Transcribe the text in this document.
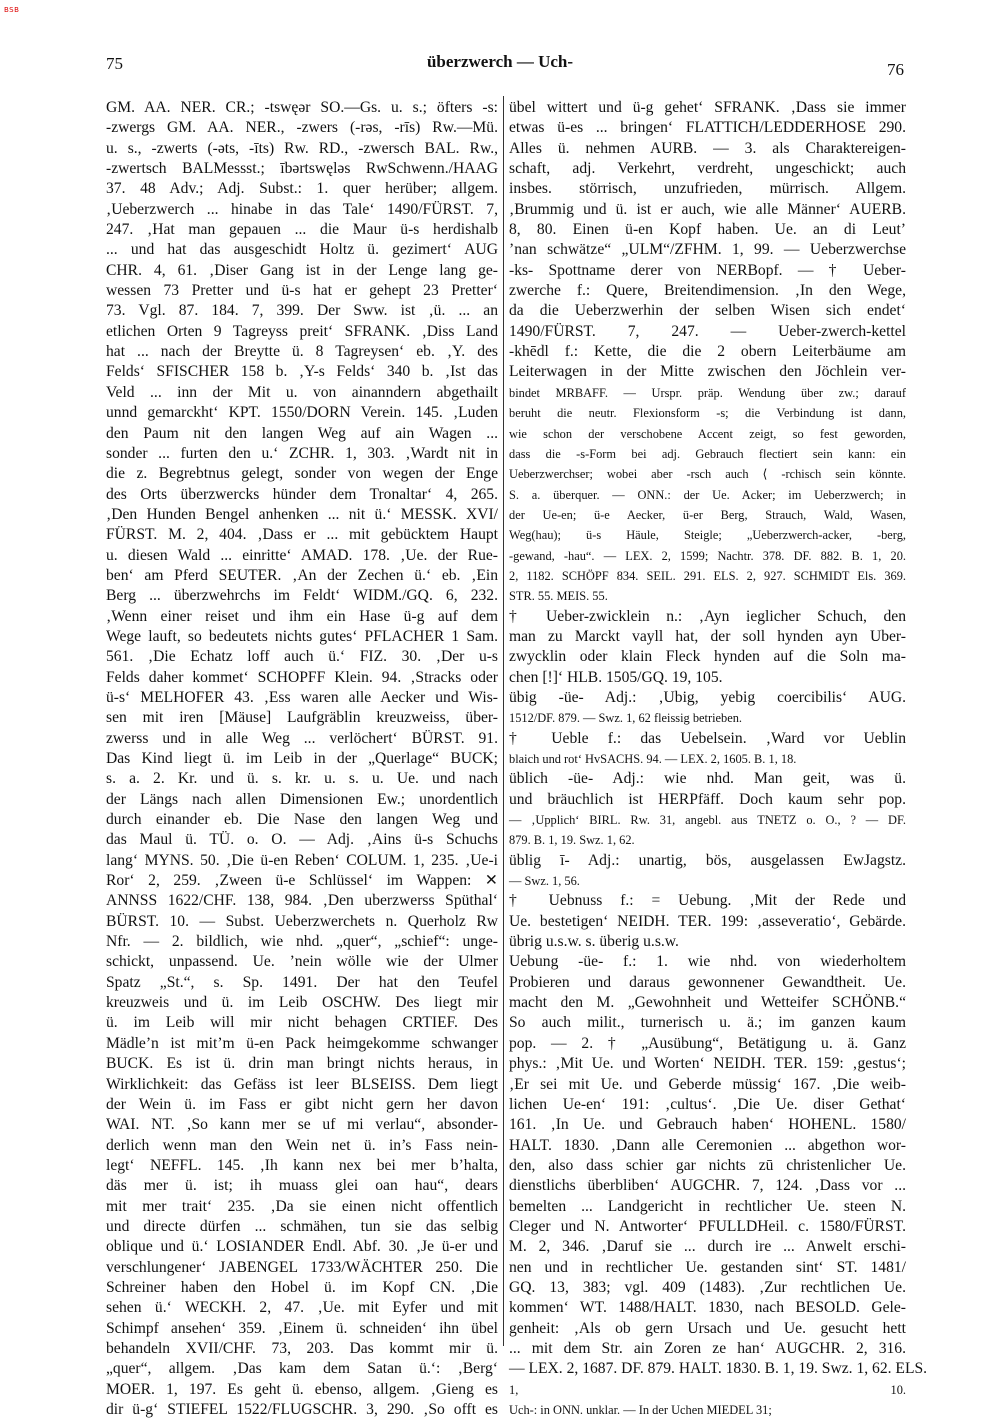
BSB
75	überzwerch — Uch-	76
GM. AA. NER. CR.; -tswęər SO.—Gs. u. s.; öfters -s:
-zwergs GM. AA. NER., -zwers (-rəs, -rīs) Rw.—Mü.
u. s., -zwerts (-əts, -īts) Rw. RD., -zwersch BAL. Rw.,
-zwertsch BALMessst.; ībərtswęləs RwSchwenn./HAAG
37. 48 Adv.; Adj. Subst.: 1. quer herüber; allgem.
‚Ueberzwerch ... hinabe in das Tale‘ 1490/FÜRST. 7,
247. ‚Hat man gepauen ... die Maur ü-s herdishalb
... und hat das ausgeschidt Holtz ü. gezimert‘ AUG
CHR. 4, 61. ‚Diser Gang ist in der Lenge lang ge-
wessen 73 Pretter und ü-s hat er gehept 23 Pretter‘
73. Vgl. 87. 184. 7, 399. Der Sww. ist ‚ü. ... an
etlichen Orten 9 Tagreyss preit‘ SFRANK. ‚Diss Land
hat ... nach der Breytte ü. 8 Tagreysen‘ eb. ‚Y. des
Felds‘ SFISCHER 158 b. ‚Y-s Felds‘ 340 b. ‚Ist das
Veld ... inn der Mit u. von ainanndern abgethailt
unnd gemarckht‘ KPT. 1550/DORN Verein. 145. ‚Luden
den Paum nit den langen Weg auf ain Wagen ...
sonder ... furten den u.‘ ZCHR. 1, 303. ‚Wardt nit in
die z. Begrebtnus gelegt, sonder von wegen der Enge
des Orts überzwercks hünder dem Tronaltar‘ 4, 265.
‚Den Hunden Bengel anhenken ... nit ü.‘ MESSK. XVI/
FÜRST. M. 2, 404. ‚Dass er ... mit gebücktem Haupt
u. diesen Wald ... einritte‘ AMAD. 178. ‚Ue. der Rue-
ben‘ am Pferd SEUTER. ‚An der Zechen ü.‘ eb. ‚Ein
Berg ... überzwehrchs im Feldt‘ WIDM./GQ. 6, 232.
‚Wenn einer reiset und ihm ein Hase ü-g auf dem
Wege lauft, so bedeutets nichts gutes‘ PFLACHER 1 Sam.
561. ‚Die Echatz loff auch ü.‘ FIZ. 30. ‚Der u-s
Felds daher kommet‘ SCHOPFF Klein. 94. ‚Stracks oder
ü-s‘ MELHOFER 43. ‚Ess waren alle Aecker und Wis-
sen mit iren [Mäuse] Laufgräblin kreuzweiss, über-
zwerss und in alle Weg ... verlöchert‘ BÜRST. 91.
Das Kind liegt ü. im Leib in der „Querlage“ BUCK;
s. a. 2. Kr. und ü. s. kr. u. s. u. Ue. und nach
der Längs nach allen Dimensionen Ew.; unordentlich
durch einander eb. Die Nase den langen Weg und
das Maul ü. TÜ. o. O. — Adj. ‚Ains ü-s Schuchs
lang‘ MYNS. 50. ‚Die ü-en Reben‘ COLUM. 1, 235. ‚Ue-i
Ror‘ 2, 259. ‚Zween ü-e Schlüssel‘ im Wappen: ✕
ANNSS 1622/CHF. 138, 984. ‚Den uberzwerss Spüthal‘
BÜRST. 10. — Subst. Ueberzwerchets n. Querholz Rw
Nfr. — 2. bildlich, wie nhd. „quer“, „schief“: unge-
schickt, unpassend. Ue. ’nein wölle wie der Ulmer
Spatz „St.“, s. Sp. 1491. Der hat den Teufel
kreuzweis und ü. im Leib OSCHW. Des liegt mir
ü. im Leib will mir nicht behagen CRTIEF. Des
Mädle’n ist mit’m ü-en Pack heimgekomme schwanger
BUCK. Es ist ü. drin man bringt nichts heraus, in
Wirklichkeit: das Gefäss ist leer BLSEISS. Dem liegt
der Wein ü. im Fass er gibt nicht gern her davon
WAI. NT. ‚So kann mer se uf mi verlau“, absonder-
derlich wenn man den Wein net ü. in’s Fass nein-
legt‘ NEFFL. 145. ‚Ih kann nex bei mer b’halta,
däs mer ü. ist; ih muass glei oan hau“, dears
mit mer trait‘ 235. ‚Da sie einen nicht offentlich
und directe dürfen ... schmähen, tun sie das selbig
oblique und ü.‘ LOSIANDER Endl. Abf. 30. ‚Je ü-er und
verschlungener‘ JABENGEL 1733/WÄCHTER 250. Die
Schreiner haben den Hobel ü. im Kopf CN. ‚Die
sehen ü.‘ WECKH. 2, 47. ‚Ue. mit Eyfer und mit
Schimpf ansehen‘ 359. ‚Einem ü. schneiden‘ ihn übel
behandeln XVII/CHF. 73, 203. Das kommt mir ü.
„quer“, allgem. ‚Das kam dem Satan ü.‘: ‚Berg‘
MOER. 1, 197. Es geht ü. ebenso, allgem. ‚Gieng es
dir ü-g‘ STIEFEL 1522/FLUGSCHR. 3, 290. ‚So offt es
übel wittert und ü-g gehet‘ SFRANK. ‚Dass sie immer
etwas ü-es ... bringen‘ FLATTICH/LEDDERHOSE 290.
Alles ü. nehmen AURB. — 3. als Charaktereigen-
schaft, adj. Verkehrt, verdreht, ungeschickt; auch
insbes. störrisch, unzufrieden, mürrisch. Allgem.
‚Brummig und ü. ist er auch, wie alle Männer‘ AUERB.
8, 80. Einen ü-en Kopf haben. Ue. an di Leut’
’nan schwätze“ „ULM“/ZFHM. 1, 99. — Ueberzwerchse
-ks- Spottname derer von NERBopf. — † Ueber-
zwerche f.: Quere, Breitendimension. ‚In den Wege,
da die Ueberzwerhin der selben Wisen sich endet‘
1490/FÜRST. 7, 247. — Ueber-zwerch-kettel
-khēdl f.: Kette, die die 2 obern Leiterbäume am
Leiterwagen in der Mitte zwischen den Jöchlein ver-
bindet MRBAFF. — Urspr. präp. Wendung über zw.; darauf
beruht die neutr. Flexionsform -s; die Verbindung ist dann,
wie schon der verschobene Accent zeigt, so fest geworden,
dass die -s-Form bei adj. Gebrauch flectiert sein kann: ein
Ueberzwerchser; wobei aber -rsch auch ⟨ -rchisch sein könnte.
S. a. überquer. — ONN.: der Ue. Acker; im Ueberzwerch; in
der Ue-en; ü-e Aecker, ü-er Berg, Strauch, Wald, Wasen,
Weg(hau); ü-s Häule, Steigle; „Ueberzwerch-acker, -berg,
-gewand, -hau“. — LEX. 2, 1599; Nachtr. 378. DF. 882. B. 1, 20.
2, 1182. SCHÖPF 834. SEIL. 291. ELS. 2, 927. SCHMIDT Els. 369.
STR. 55. MEIS. 55.
† Ueber-zwicklein n.: ‚Ayn ieglicher Schuch, den
man zu Marckt vayll hat, der soll hynden ayn Uber-
zwycklin oder klain Fleck hynden auf die Soln ma-
chen [!]‘ HLB. 1505/GQ. 19, 105.
übig -üe- Adj.: ‚Ubig, yebig coercibilis‘ AUG.
1512/DF. 879. — Swz. 1, 62 fleissig betrieben.
† Ueble f.: das Uebelsein. ‚Ward vor Ueblin
blaich und rot‘ HvSACHS. 94. — LEX. 2, 1605. B. 1, 18.
üblich -üe- Adj.: wie nhd. Man geit, was ü.
und bräuchlich ist HERPfäff. Doch kaum sehr pop.
— ‚Upplich‘ BIRL. Rw. 31, angebl. aus TNETZ o. O., ? — DF.
879. B. 1, 19. Swz. 1, 62.
üblig ī- Adj.: unartig, bös, ausgelassen EwJagstz.
— Swz. 1, 56.
† Uebnuss f.: = Uebung. ‚Mit der Rede und
Ue. bestetigen‘ NEIDH. TER. 199: ‚asseveratio‘, Gebärde.
übrig u.s.w. s. überig u.s.w.
Uebung -üe- f.: 1. wie nhd. von wiederholtem
Probieren und daraus gewonnener Gewandtheit. Ue.
macht den M. „Gewohnheit und Wetteifer SCHÖNB.“
So auch milit., turnerisch u. ä.; im ganzen kaum
pop. — 2. † „Ausübung“, Betätigung u. ä. Ganz
phys.: ‚Mit Ue. und Worten‘ NEIDH. TER. 159: ‚gestus‘;
‚Er sei mit Ue. und Geberde müssig‘ 167. ‚Die weib-
lichen Ue-en‘ 191: ‚cultus‘. ‚Die Ue. diser Gethat‘
161. ‚In Ue. und Gebrauch haben‘ HOHENL. 1580/
HALT. 1830. ‚Dann alle Ceremonien ... abgethon wor-
den, also dass schier gar nichts zū christenlicher Ue.
dienstlichs überbliben‘ AUGCHR. 7, 124. ‚Dass vor ...
bemelten ... Landgericht in rechtlicher Ue. steen N.
Cleger und N. Antworter‘ PFULLDHeil. c. 1580/FÜRST.
M. 2, 346. ‚Daruf sie ... durch ire ... Anwelt erschi-
nen und in rechtlicher Ue. gestanden sint‘ ST. 1481/
GQ. 13, 383; vgl. 409 (1483). ‚Zur rechtlichen Ue.
kommen‘ WT. 1488/HALT. 1830, nach BESOLD. Gele-
genheit: ‚Als ob gern Ursach und Ue. gesucht hett
... mit dem Str. ain Zoren ze han‘ AUGCHR. 2, 316.
— LEX. 2, 1687. DF. 879. HALT. 1830. B. 1, 19. Swz. 1, 62. ELS.
1, 10.
Uch-: in ONN. unklar. — In der Uchen MIEDEL 31;
